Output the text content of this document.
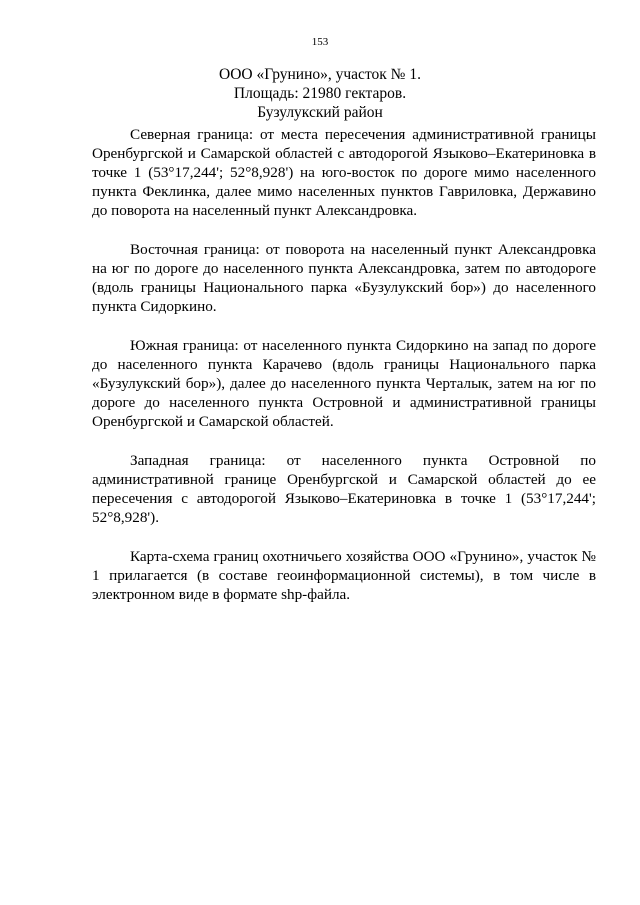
153
ООО «Грунино», участок № 1.
Площадь: 21980 гектаров.
Бузулукский район

Северная граница: от места пересечения административной границы Оренбургской и Самарской областей с автодорогой Языково–Екатериновка в точке 1 (53°17,244'; 52°8,928') на юго-восток по дороге мимо населенного пункта Феклинка, далее мимо населенных пунктов Гавриловка, Державино до поворота на населенный пункт Александровка.

Восточная граница: от поворота на населенный пункт Александровка на юг по дороге до населенного пункта Александровка, затем по автодороге (вдоль границы Национального парка «Бузулукский бор») до населенного пункта Сидоркино.

Южная граница: от населенного пункта Сидоркино на запад по дороге до населенного пункта Карачево (вдоль границы Национального парка «Бузулукский бор»), далее до населенного пункта Черталык, затем на юг по дороге до населенного пункта Островной и административной границы Оренбургской и Самарской областей.

Западная граница: от населенного пункта Островной по административной границе Оренбургской и Самарской областей до ее пересечения с автодорогой Языково–Екатериновка в точке 1 (53°17,244'; 52°8,928').

Карта-схема границ охотничьего хозяйства ООО «Грунино», участок № 1 прилагается (в составе геоинформационной системы), в том числе в электронном виде в формате shp-файла.
